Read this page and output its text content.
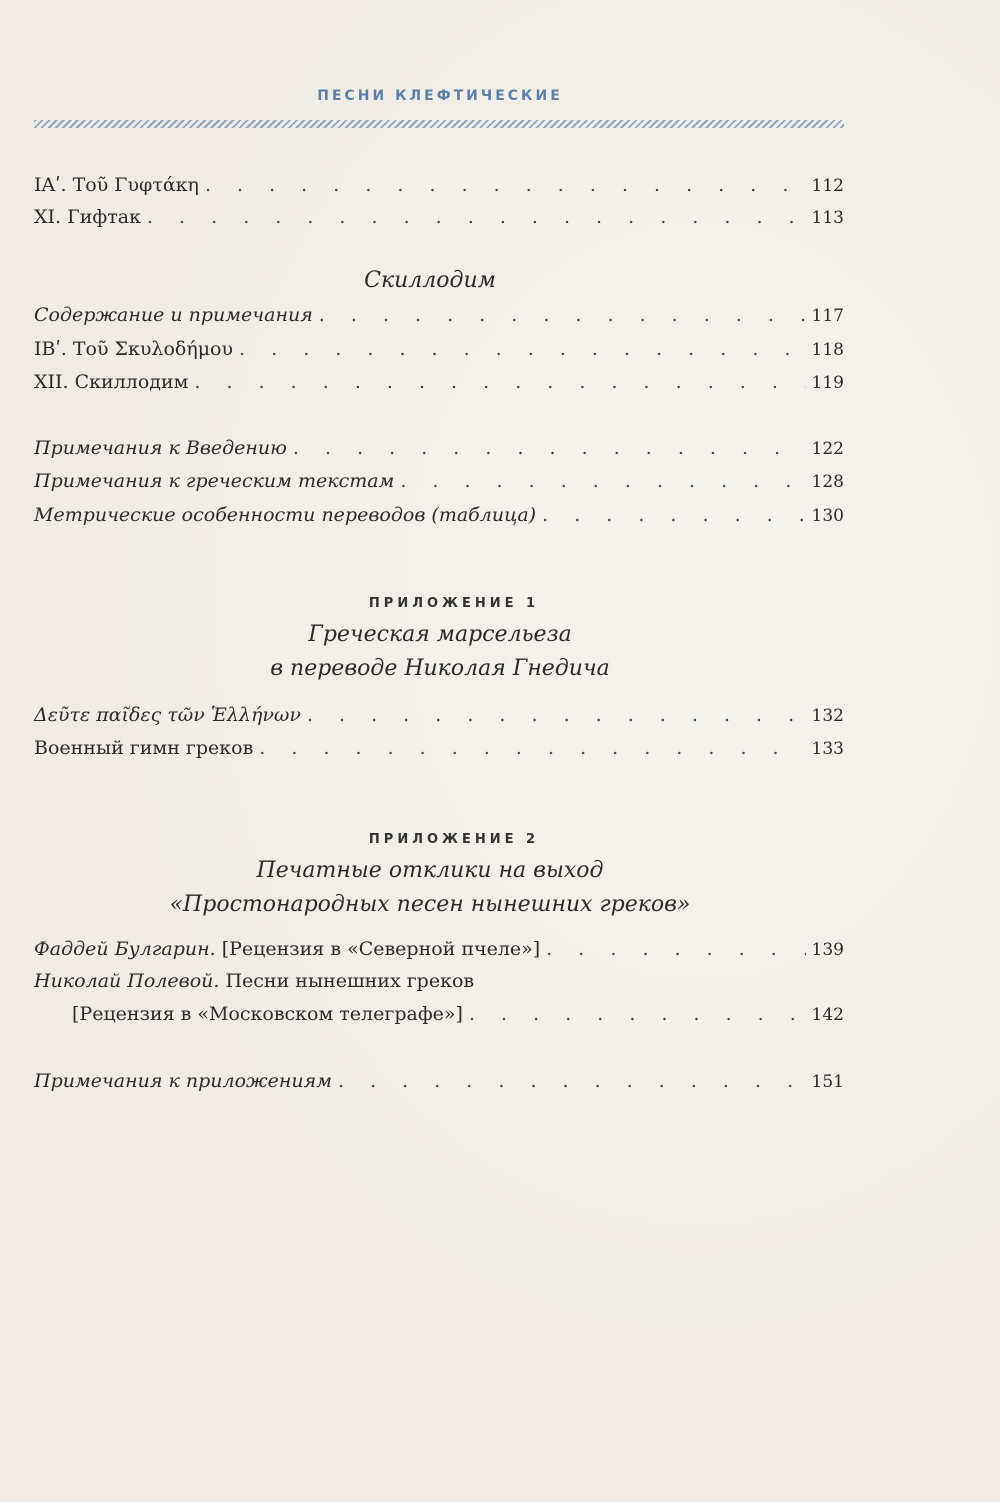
ПЕСНИ КЛЕФТИЧЕСКИЕ
ΙΑʹ. Τοῦ Γυφτάκη . . .	112
XI. Гифтак . . .	113
Скиллодим
Содержание и примечания . . .	117
ΙΒʹ. Τοῦ Σκυλοδήμου . . .	118
XII. Скиллодим . . .	119
Примечания к Введению . . .	122
Примечания к греческим текстам . . .	128
Метрические особенности переводов (таблица) . . .	130
ПРИЛОЖЕНИЕ 1
Греческая марсельеза
в переводе Николая Гнедича
Δεῦτε παῖδες τῶν Ἑλλήνων . . .	132
Военный гимн греков . . .	133
ПРИЛОЖЕНИЕ 2
Печатные отклики на выход
«Простонародных песен нынешних греков»
Фаддей Булгарин. [Рецензия в «Северной пчеле»] . . .	139
Николай Полевой. Песни нынешних греков
[Рецензия в «Московском телеграфе»] . . .	142
Примечания к приложениям . . .	151
